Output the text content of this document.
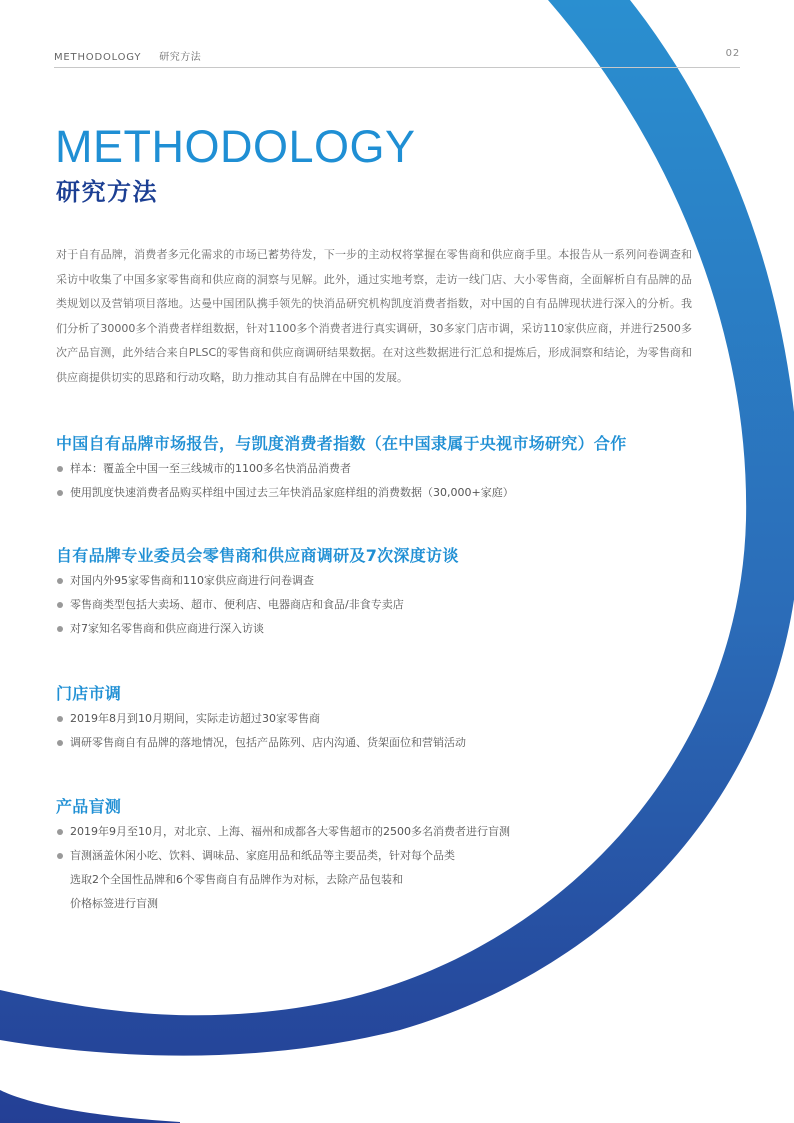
METHODOLOGY 研究方法	02
METHODOLOGY
研究方法

对于自有品牌，消费者多元化需求的市场已蓄势待发，下一步的主动权将掌握在零售商和供应商手里。本报告从一系列问卷调查和采访中收集了中国多家零售商和供应商的洞察与见解。此外，通过实地考察，走访一线门店、大小零售商，全面解析自有品牌的品类规划以及营销项目落地。达曼中国团队携手领先的快消品研究机构凯度消费者指数，对中国的自有品牌现状进行深入的分析。我们分析了30000多个消费者样组数据，针对1100多个消费者进行真实调研，30多家门店市调，采访110家供应商，并进行2500多次产品盲测，此外结合来自PLSC的零售商和供应商调研结果数据。在对这些数据进行汇总和提炼后，形成洞察和结论，为零售商和供应商提供切实的思路和行动攻略，助力推动其自有品牌在中国的发展。

中国自有品牌市场报告，与凯度消费者指数（在中国隶属于央视市场研究）合作
样本：覆盖全中国一至三线城市的1100多名快消品消费者
使用凯度快速消费者品购买样组中国过去三年快消品家庭样组的消费数据（30,000+家庭）
自有品牌专业委员会零售商和供应商调研及7次深度访谈
对国内外95家零售商和110家供应商进行问卷调查
零售商类型包括大卖场、超市、便利店、电器商店和食品/非食专卖店
对7家知名零售商和供应商进行深入访谈
门店市调
2019年8月到10月期间，实际走访超过30家零售商
调研零售商自有品牌的落地情况，包括产品陈列、店内沟通、货架面位和营销活动
产品盲测
2019年9月至10月，对北京、上海、福州和成都各大零售超市的2500多名消费者进行盲测
盲测涵盖休闲小吃、饮料、调味品、家庭用品和纸品等主要品类，针对每个品类
选取2个全国性品牌和6个零售商自有品牌作为对标，去除产品包装和
价格标签进行盲测
